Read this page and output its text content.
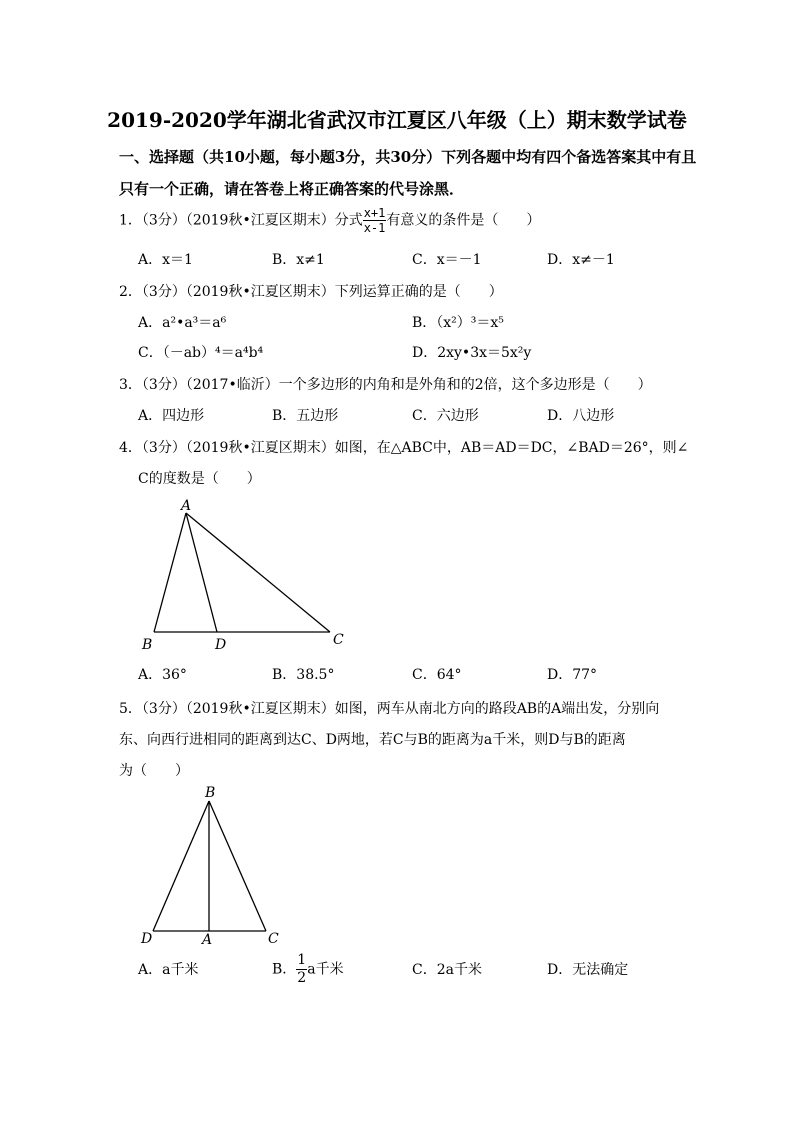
2019-2020学年湖北省武汉市江夏区八年级（上）期末数学试卷
一、选择题（共10小题，每小题3分，共30分）下列各题中均有四个备选答案其中有且
只有一个正确，请在答卷上将正确答案的代号涂黑．
1．（3分）（2019秋•江夏区期末）分式 $\frac{x+1}{x-1}$ 有意义的条件是（　　）
A．x＝1	B．x≠1	C．x＝－1	D．x≠－1
2．（3分）（2019秋•江夏区期末）下列运算正确的是（　　）
A．a²•a³＝a⁶	B．（x²）³＝x⁵
C．（－ab）⁴＝a⁴b⁴	D．2xy•3x＝5x²y
3．（3分）（2017•临沂）一个多边形的内角和是外角和的2倍，这个多边形是（　　）
A．四边形	B．五边形	C．六边形	D．八边形
4．（3分）（2019秋•江夏区期末）如图，在△ABC中，AB＝AD＝DC，∠BAD＝26°，则∠
C的度数是（　　）
A
B	D	C
A．36°	B．38.5°	C．64°	D．77°
5．（3分）（2019秋•江夏区期末）如图，两车从南北方向的路段AB的A端出发，分别向
东、向西行进相同的距离到达C、D两地，若C与B的距离为a千米，则D与B的距离
为（　　）
B
D	A	C
A．a千米	B． $\frac{1}{2}$ a千米	C．2a千米	D．无法确定
